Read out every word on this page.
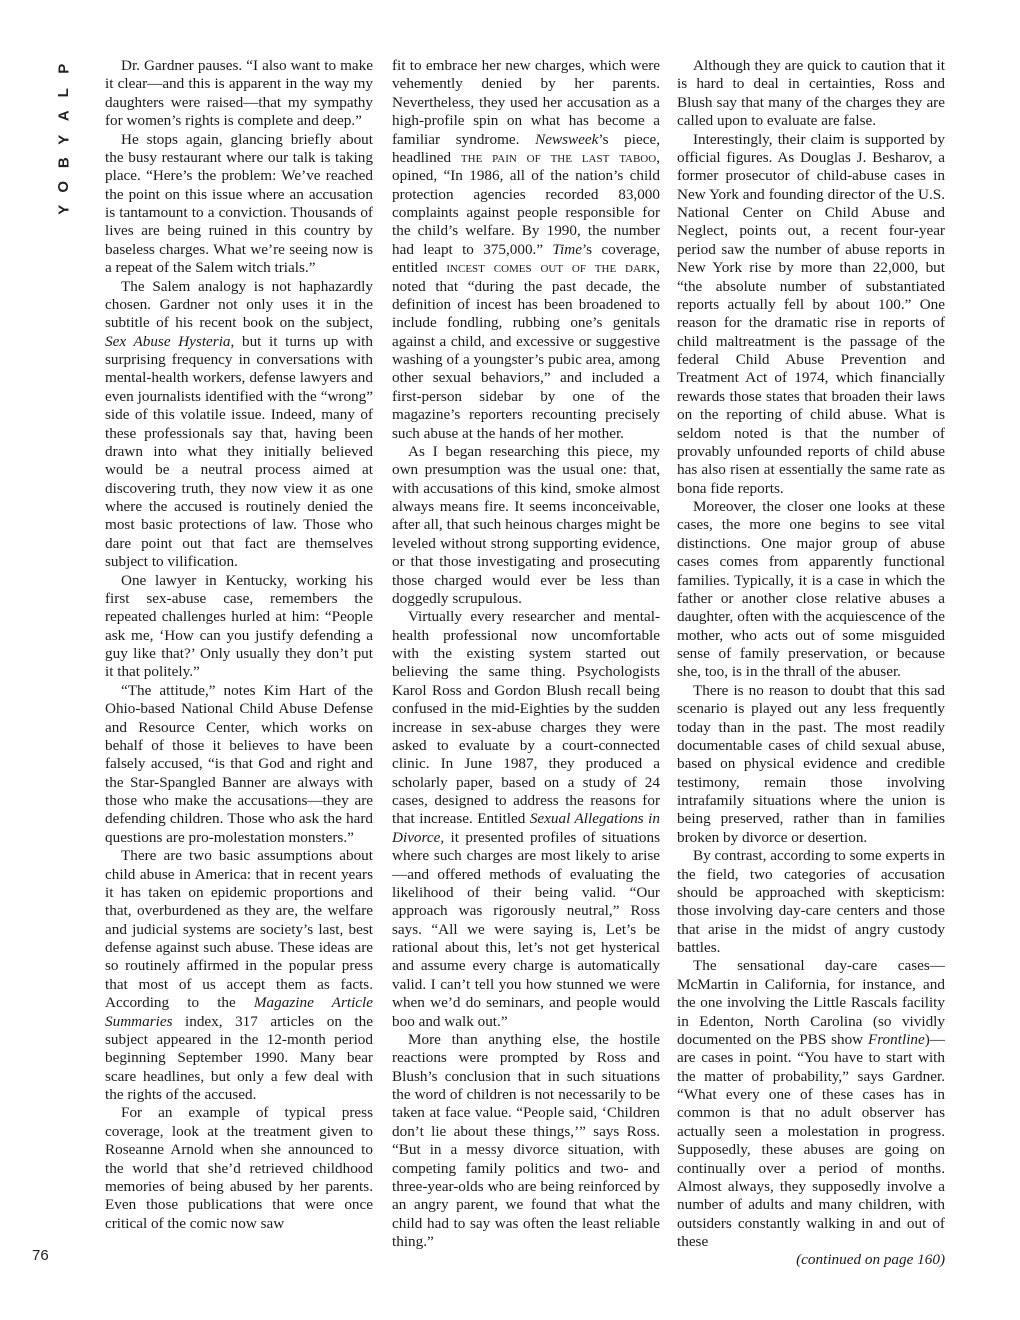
P
L
A
Y
B
O
Y
76

Dr. Gardner pauses. “I also want to make it clear—and this is apparent in the way my daughters were raised—that my sympathy for women’s rights is complete and deep.”

He stops again, glancing briefly about the busy restaurant where our talk is taking place. “Here’s the problem: We’ve reached the point on this issue where an accusation is tantamount to a conviction. Thousands of lives are being ruined in this country by baseless charges. What we’re seeing now is a repeat of the Salem witch trials.”

The Salem analogy is not haphazardly chosen. Gardner not only uses it in the subtitle of his recent book on the subject, Sex Abuse Hysteria, but it turns up with surprising frequency in conversations with mental-health workers, defense lawyers and even journalists identified with the “wrong” side of this volatile issue. Indeed, many of these professionals say that, having been drawn into what they initially believed would be a neutral process aimed at discovering truth, they now view it as one where the accused is routinely denied the most basic protections of law. Those who dare point out that fact are themselves subject to vilification.

One lawyer in Kentucky, working his first sex-abuse case, remembers the repeated challenges hurled at him: “People ask me, ‘How can you justify defending a guy like that?’ Only usually they don’t put it that politely.”

“The attitude,” notes Kim Hart of the Ohio-based National Child Abuse Defense and Resource Center, which works on behalf of those it believes to have been falsely accused, “is that God and right and the Star-Spangled Banner are always with those who make the accusations—they are defending children. Those who ask the hard questions are pro-molestation monsters.”

There are two basic assumptions about child abuse in America: that in recent years it has taken on epidemic proportions and that, overburdened as they are, the welfare and judicial systems are society’s last, best defense against such abuse. These ideas are so routinely affirmed in the popular press that most of us accept them as facts. According to the Magazine Article Summaries index, 317 articles on the subject appeared in the 12-month period beginning September 1990. Many bear scare headlines, but only a few deal with the rights of the accused.

For an example of typical press coverage, look at the treatment given to Roseanne Arnold when she announced to the world that she’d retrieved childhood memories of being abused by her parents. Even those publications that were once critical of the comic now saw

fit to embrace her new charges, which were vehemently denied by her parents. Nevertheless, they used her accusation as a high-profile spin on what has become a familiar syndrome. Newsweek’s piece, headlined the pain of the last taboo, opined, “In 1986, all of the nation’s child protection agencies recorded 83,000 complaints against people responsible for the child’s welfare. By 1990, the number had leapt to 375,000.” Time’s coverage, entitled incest comes out of the dark, noted that “during the past decade, the definition of incest has been broadened to include fondling, rubbing one’s genitals against a child, and excessive or suggestive washing of a youngster’s pubic area, among other sexual behaviors,” and included a first-person sidebar by one of the magazine’s reporters recounting precisely such abuse at the hands of her mother.

As I began researching this piece, my own presumption was the usual one: that, with accusations of this kind, smoke almost always means fire. It seems inconceivable, after all, that such heinous charges might be leveled without strong supporting evidence, or that those investigating and prosecuting those charged would ever be less than doggedly scrupulous.

Virtually every researcher and mental-health professional now uncomfortable with the existing system started out believing the same thing. Psychologists Karol Ross and Gordon Blush recall being confused in the mid-Eighties by the sudden increase in sex-abuse charges they were asked to evaluate by a court-connected clinic. In June 1987, they produced a scholarly paper, based on a study of 24 cases, designed to address the reasons for that increase. Entitled Sexual Allegations in Divorce, it presented profiles of situations where such charges are most likely to arise—and offered methods of evaluating the likelihood of their being valid. “Our approach was rigorously neutral,” Ross says. “All we were saying is, Let’s be rational about this, let’s not get hysterical and assume every charge is automatically valid. I can’t tell you how stunned we were when we’d do seminars, and people would boo and walk out.”

More than anything else, the hostile reactions were prompted by Ross and Blush’s conclusion that in such situations the word of children is not necessarily to be taken at face value. “People said, ‘Children don’t lie about these things,’” says Ross. “But in a messy divorce situation, with competing family politics and two- and three-year-olds who are being reinforced by an angry parent, we found that what the child had to say was often the least reliable thing.”

Although they are quick to caution that it is hard to deal in certainties, Ross and Blush say that many of the charges they are called upon to evaluate are false.

Interestingly, their claim is supported by official figures. As Douglas J. Besharov, a former prosecutor of child-abuse cases in New York and founding director of the U.S. National Center on Child Abuse and Neglect, points out, a recent four-year period saw the number of abuse reports in New York rise by more than 22,000, but “the absolute number of substantiated reports actually fell by about 100.” One reason for the dramatic rise in reports of child maltreatment is the passage of the federal Child Abuse Prevention and Treatment Act of 1974, which financially rewards those states that broaden their laws on the reporting of child abuse. What is seldom noted is that the number of provably unfounded reports of child abuse has also risen at essentially the same rate as bona fide reports.

Moreover, the closer one looks at these cases, the more one begins to see vital distinctions. One major group of abuse cases comes from apparently functional families. Typically, it is a case in which the father or another close relative abuses a daughter, often with the acquiescence of the mother, who acts out of some misguided sense of family preservation, or because she, too, is in the thrall of the abuser.

There is no reason to doubt that this sad scenario is played out any less frequently today than in the past. The most readily documentable cases of child sexual abuse, based on physical evidence and credible testimony, remain those involving intrafamily situations where the union is being preserved, rather than in families broken by divorce or desertion.

By contrast, according to some experts in the field, two categories of accusation should be approached with skepticism: those involving day-care centers and those that arise in the midst of angry custody battles.

The sensational day-care cases—McMartin in California, for instance, and the one involving the Little Rascals facility in Edenton, North Carolina (so vividly documented on the PBS show Frontline)—are cases in point. “You have to start with the matter of probability,” says Gardner. “What every one of these cases has in common is that no adult observer has actually seen a molestation in progress. Supposedly, these abuses are going on continually over a period of months. Almost always, they supposedly involve a number of adults and many children, with outsiders constantly walking in and out of these

(continued on page 160)
